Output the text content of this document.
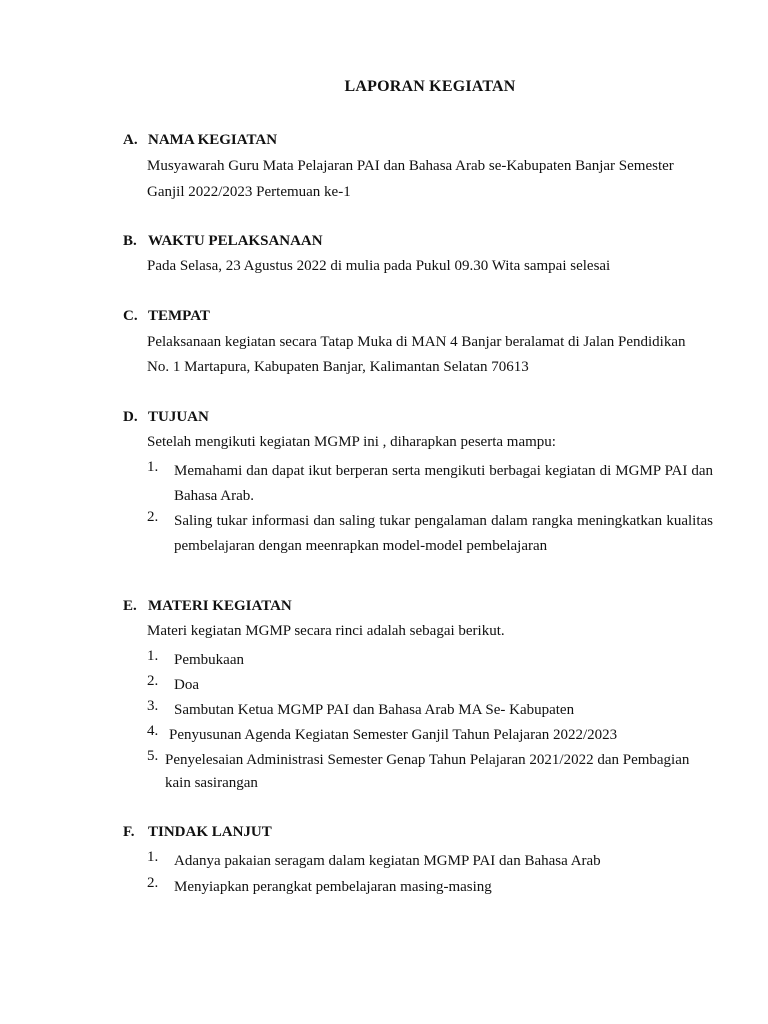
LAPORAN KEGIATAN
A. NAMA KEGIATAN
Musyawarah Guru Mata Pelajaran PAI dan Bahasa Arab se-Kabupaten Banjar Semester
Ganjil 2022/2023 Pertemuan ke-1
B. WAKTU PELAKSANAAN
Pada Selasa, 23 Agustus 2022 di mulia pada Pukul 09.30 Wita sampai selesai
C. TEMPAT
Pelaksanaan kegiatan secara Tatap Muka di MAN 4 Banjar beralamat di Jalan Pendidikan
No. 1 Martapura, Kabupaten Banjar, Kalimantan Selatan 70613
D. TUJUAN
Setelah mengikuti kegiatan MGMP ini , diharapkan peserta mampu:
1. Memahami dan dapat ikut berperan serta mengikuti berbagai kegiatan di MGMP PAI dan Bahasa Arab.
2. Saling tukar informasi dan saling tukar pengalaman dalam rangka meningkatkan kualitas pembelajaran dengan meenrapkan model-model pembelajaran
E. MATERI KEGIATAN
Materi kegiatan MGMP secara rinci adalah sebagai berikut.
1. Pembukaan
2. Doa
3. Sambutan Ketua MGMP PAI dan Bahasa Arab MA Se- Kabupaten
4. Penyusunan Agenda Kegiatan Semester Ganjil Tahun Pelajaran 2022/2023
5. Penyelesaian Administrasi Semester Genap Tahun Pelajaran 2021/2022 dan Pembagian
kain sasirangan
F. TINDAK LANJUT
1. Adanya pakaian seragam dalam kegiatan MGMP PAI dan Bahasa Arab
2. Menyiapkan perangkat pembelajaran masing-masing
